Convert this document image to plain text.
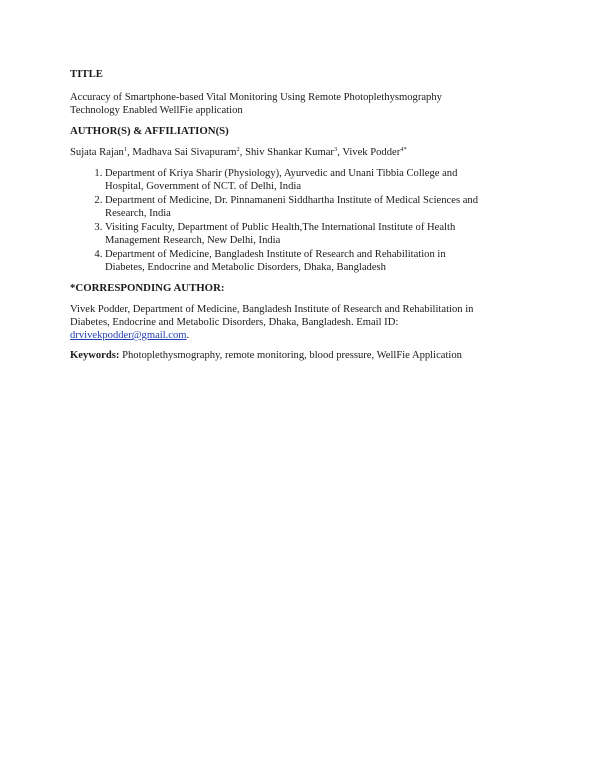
TITLE

Accuracy of Smartphone-based Vital Monitoring Using Remote Photoplethysmography
Technology Enabled WellFie application

AUTHOR(S) & AFFILIATION(S)

Sujata Rajan$^1$, Madhava Sai Sivapuram$^2$, Shiv Shankar Kumar$^3$, Vivek Podder$^{4*}$

1. Department of Kriya Sharir (Physiology), Ayurvedic and Unani Tibbia College and
Hospital, Government of NCT. of Delhi, India
2. Department of Medicine, Dr. Pinnamaneni Siddhartha Institute of Medical Sciences and
Research, India
3. Visiting Faculty, Department of Public Health,The International Institute of Health
Management Research, New Delhi, India
4. Department of Medicine, Bangladesh Institute of Research and Rehabilitation in
Diabetes, Endocrine and Metabolic Disorders, Dhaka, Bangladesh

*CORRESPONDING AUTHOR:

Vivek Podder, Department of Medicine, Bangladesh Institute of Research and Rehabilitation in
Diabetes, Endocrine and Metabolic Disorders, Dhaka, Bangladesh. Email ID:
drvivekpodder@gmail.com.

Keywords: Photoplethysmography, remote monitoring, blood pressure, WellFie Application
